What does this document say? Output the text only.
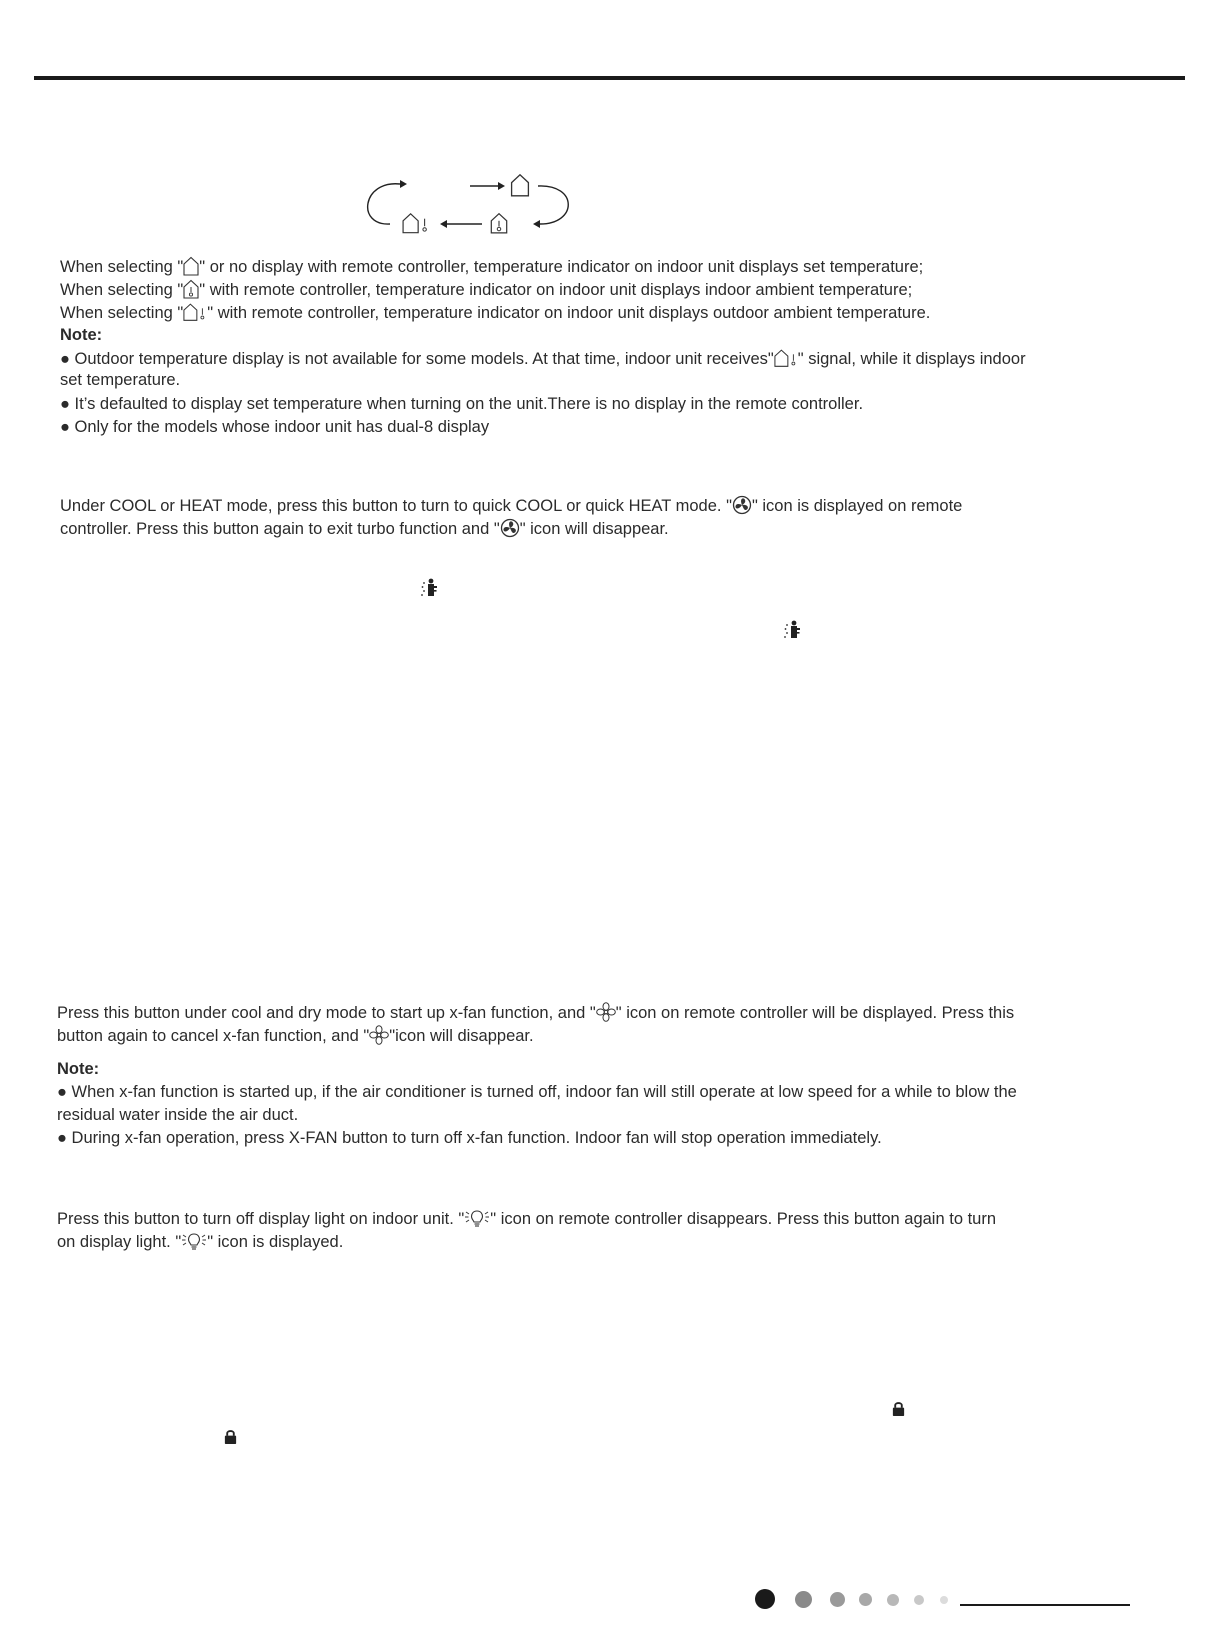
When selecting " " or no display with remote controller, temperature indicator on indoor unit displays set temperature;
When selecting " " with remote controller, temperature indicator on indoor unit displays indoor ambient temperature;
When selecting " " with remote controller, temperature indicator on indoor unit displays outdoor ambient temperature.
Note:
● Outdoor temperature display is not available for some models. At that time, indoor unit receives" " signal, while it displays indoor
set temperature.
● It’s defaulted to display set temperature when turning on the unit.There is no display in the remote controller.
● Only for the models whose indoor unit has dual-8 display
Under COOL or HEAT mode, press this button to turn to quick COOL or quick HEAT mode. " " icon is displayed on remote
controller. Press this button again to exit turbo function and " " icon will disappear.
Press this button under cool and dry mode to start up x-fan function, and " " icon on remote controller will be displayed. Press this
button again to cancel x-fan function, and " "icon will disappear.
Note:
● When x-fan function is started up, if the air conditioner is turned off, indoor fan will still operate at low speed for a while to blow the
residual water inside the air duct.
● During x-fan operation, press X-FAN button to turn off x-fan function. Indoor fan will stop operation immediately.
Press this button to turn off display light on indoor unit. " " icon on remote controller disappears. Press this button again to turn
on display light. " " icon is displayed.
